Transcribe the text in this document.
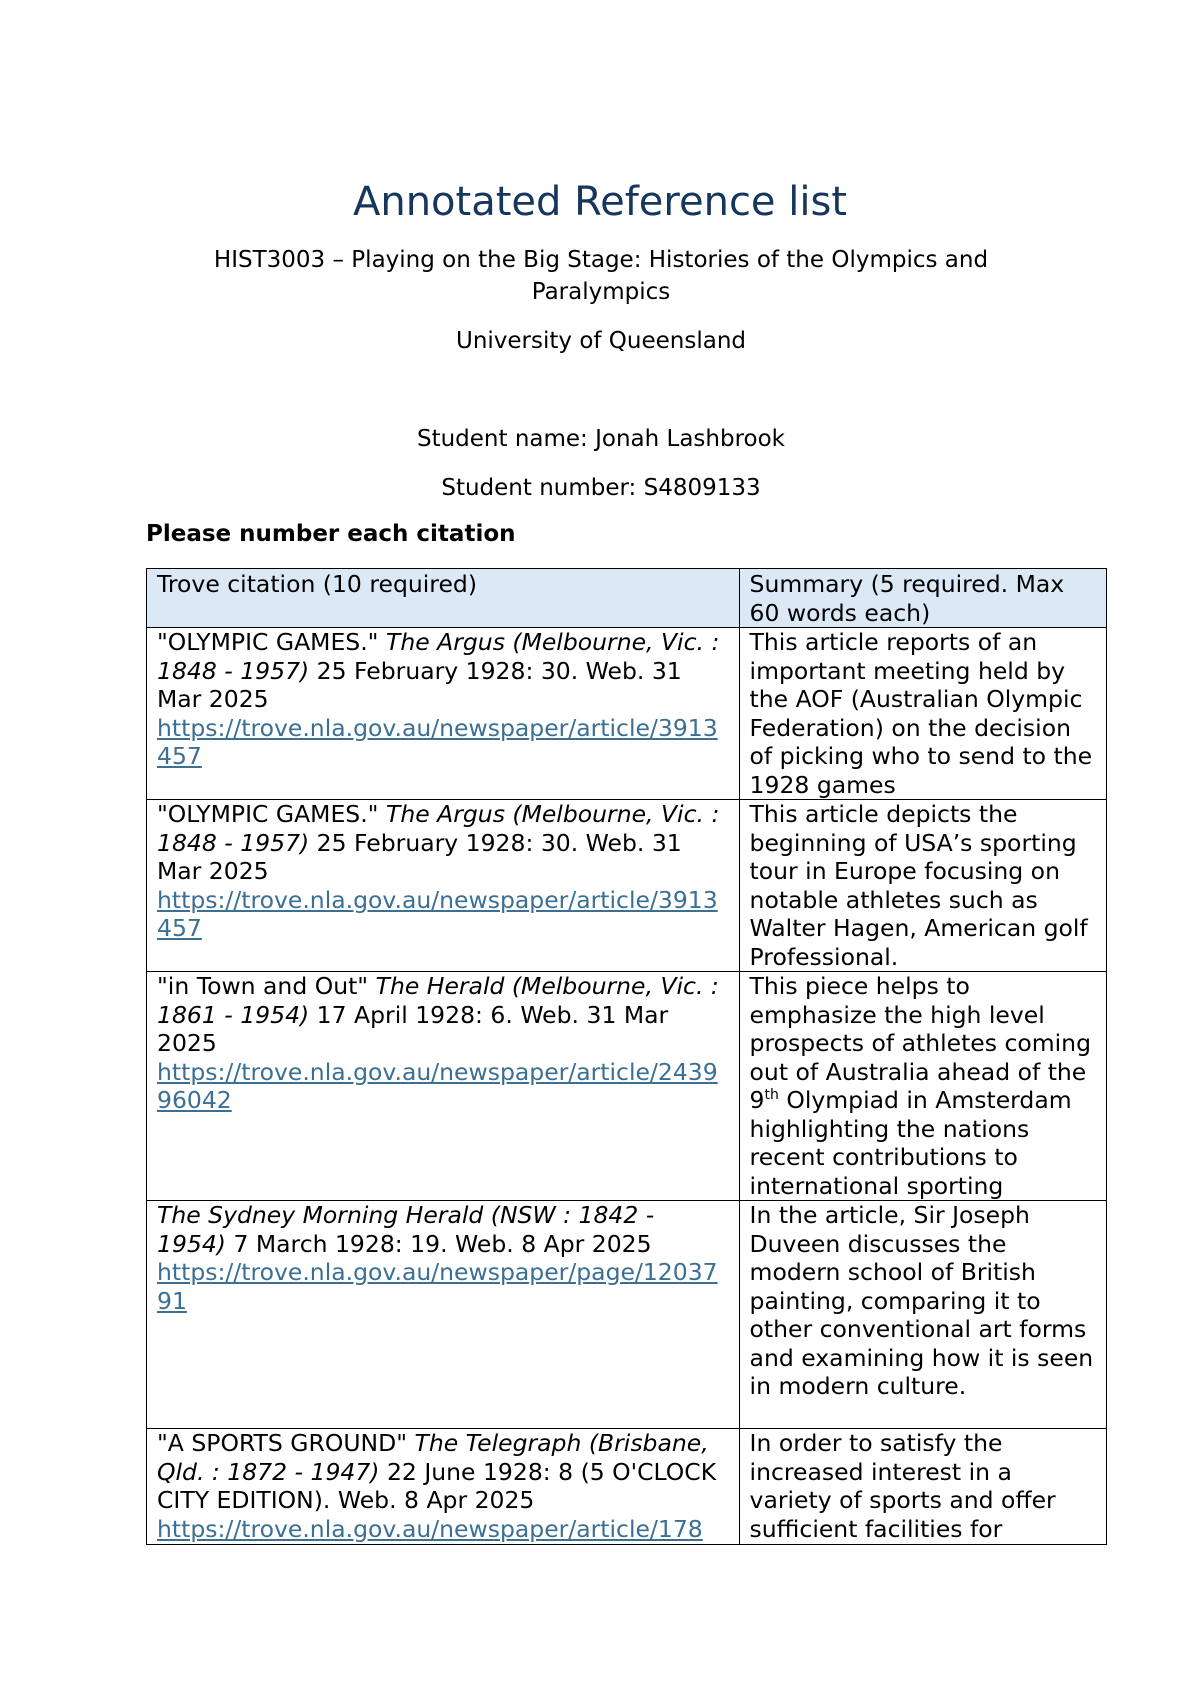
Annotated Reference list
HIST3003 – Playing on the Big Stage: Histories of the Olympics and
Paralympics
University of Queensland
Student name: Jonah Lashbrook
Student number: S4809133
Please number each citation
Trove citation (10 required)	Summary (5 required. Max 60 words each)
"OLYMPIC GAMES." The Argus (Melbourne, Vic. : 1848 - 1957) 25 February 1928: 30. Web. 31 Mar 2025
https://trove.nla.gov.au/newspaper/article/3913457	This article reports of an important meeting held by the AOF (Australian Olympic Federation) on the decision of picking who to send to the 1928 games
"OLYMPIC GAMES." The Argus (Melbourne, Vic. : 1848 - 1957) 25 February 1928: 30. Web. 31 Mar 2025
https://trove.nla.gov.au/newspaper/article/3913457	This article depicts the beginning of USA’s sporting tour in Europe focusing on notable athletes such as Walter Hagen, American golf Professional.
"in Town and Out" The Herald (Melbourne, Vic. : 1861 - 1954) 17 April 1928: 6. Web. 31 Mar 2025
https://trove.nla.gov.au/newspaper/article/243996042	This piece helps to emphasize the high level prospects of athletes coming out of Australia ahead of the 9th Olympiad in Amsterdam highlighting the nations recent contributions to international sporting
The Sydney Morning Herald (NSW : 1842 - 1954) 7 March 1928: 19. Web. 8 Apr 2025
https://trove.nla.gov.au/newspaper/page/1203791	In the article, Sir Joseph Duveen discusses the modern school of British painting, comparing it to other conventional art forms and examining how it is seen in modern culture.

"A SPORTS GROUND" The Telegraph (Brisbane, Qld. : 1872 - 1947) 22 June 1928: 8 (5 O'CLOCK CITY EDITION). Web. 8 Apr 2025
https://trove.nla.gov.au/newspaper/article/178	In order to satisfy the increased interest in a variety of sports and offer sufficient facilities for
